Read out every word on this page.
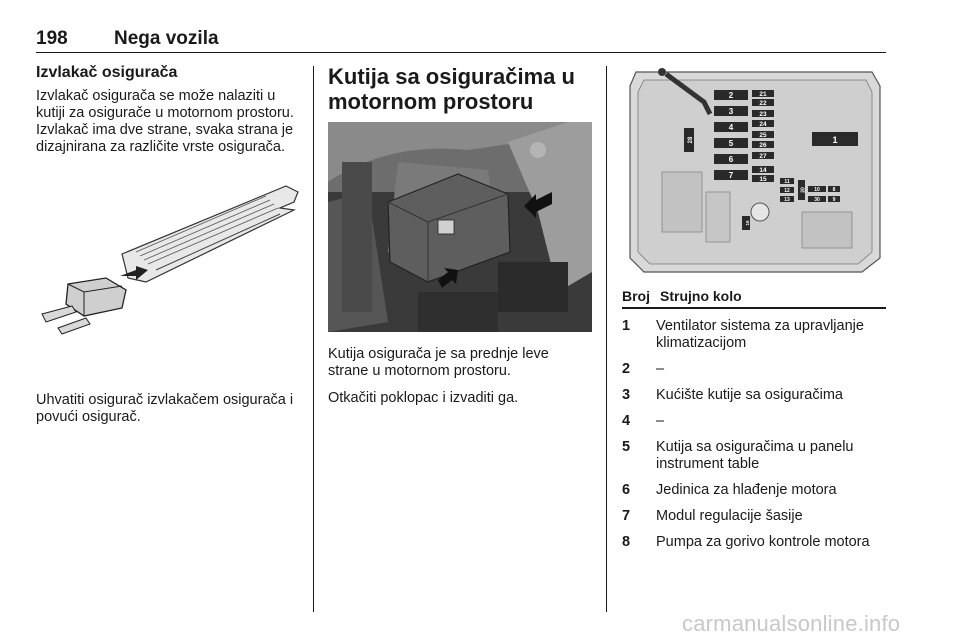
198 Nega vozila
Izvlakač osigurača

Izvlakač osigurača se može nalaziti u kutiji za osigurače u motornom prostoru. Izvlakač ima dve strane, svaka strana je dizajnirana za različite vrste osigurača.

Uhvatiti osigurač izvlakačem osigurača i povući osigurač.

Kutija sa osiguračima u motornom prostoru

Kutija osigurača je sa prednje leve strane u motornom prostoru.

Otkačiti poklopac i izvaditi ga.

2
3
4
5
6
7
21
22
23
24
25
26
27
14
15
1
28
11
12
13
20 10	8
30	9
16
Broj Strujno kolo
1	Ventilator sistema za upravljanje klimatizacijom
2	–
3	Kućište kutije sa osiguračima
4	–
5	Kutija sa osiguračima u panelu instrument table
6	Jedinica za hlađenje motora
7	Modul regulacije šasije
8	Pumpa za gorivo kontrole motora
carmanualsonline.info
